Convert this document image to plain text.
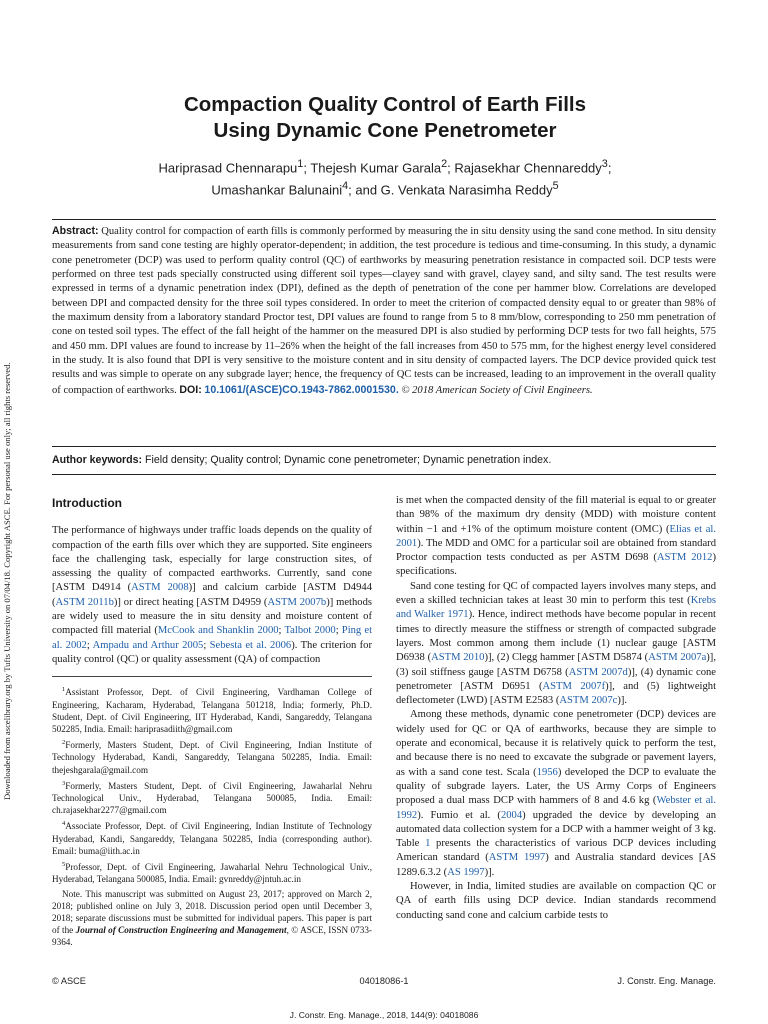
Downloaded from ascelibrary.org by Tufts University on 07/04/18. Copyright ASCE. For personal use only; all rights reserved.
Compaction Quality Control of Earth Fills
Using Dynamic Cone Penetrometer
Hariprasad Chennarapu$^1$; Thejesh Kumar Garala$^2$; Rajasekhar Chennareddy$^3$;
Umashankar Balunaini$^4$; and G. Venkata Narasimha Reddy$^5$

Abstract: Quality control for compaction of earth fills is commonly performed by measuring the in situ density using the sand cone method. In situ density measurements from sand cone testing are highly operator-dependent; in addition, the test procedure is tedious and time-consuming. In this study, a dynamic cone penetrometer (DCP) was used to perform quality control (QC) of earthworks by measuring penetration resistance in compacted soil. DCP tests were performed on three test pads specially constructed using different soil types—clayey sand with gravel, clayey sand, and silty sand. The test results were expressed in terms of a dynamic penetration index (DPI), defined as the depth of penetration of the cone per hammer blow. Correlations are developed between DPI and compacted density for the three soil types considered. In order to meet the criterion of compacted density equal to or greater than 98% of the maximum density from a laboratory standard Proctor test, DPI values are found to range from 5 to 8 mm/blow, corresponding to 250 mm penetration of cone on tested soil types. The effect of the fall height of the hammer on the measured DPI is also studied by performing DCP tests for two fall heights, 575 and 450 mm. DPI values are found to increase by 11–26% when the height of the fall increases from 450 to 575 mm, for the highest energy level considered in the study. It is also found that DPI is very sensitive to the moisture content and in situ density of compacted layers. The DCP device provided quick test results and was simple to operate on any subgrade layer; hence, the frequency of QC tests can be increased, leading to an improvement in the overall quality of compaction of earthworks. DOI: 10.1061/(ASCE)CO.1943-7862.0001530. © 2018 American Society of Civil Engineers.

Author keywords: Field density; Quality control; Dynamic cone penetrometer; Dynamic penetration index.

Introduction

The performance of highways under traffic loads depends on the quality of compaction of the earth fills over which they are supported. Site engineers face the challenging task, especially for large construction sites, of assessing the quality of compacted earthworks. Currently, sand cone [ASTM D4914 (ASTM 2008)] and calcium carbide [ASTM D4944 (ASTM 2011b)] or direct heating [ASTM D4959 (ASTM 2007b)] methods are widely used to measure the in situ density and moisture content of compacted fill material (McCook and Shanklin 2000; Talbot 2000; Ping et al. 2002; Ampadu and Arthur 2005; Sebesta et al. 2006). The criterion for quality control (QC) or quality assessment (QA) of compaction

$^1$Assistant Professor, Dept. of Civil Engineering, Vardhaman College of Engineering, Kacharam, Hyderabad, Telangana 501218, India; formerly, Ph.D. Student, Dept. of Civil Engineering, IIT Hyderabad, Kandi, Sangareddy, Telangana 502285, India. Email: hariprasadiith@gmail.com

$^2$Formerly, Masters Student, Dept. of Civil Engineering, Indian Institute of Technology Hyderabad, Kandi, Sangareddy, Telangana 502285, India. Email: thejeshgarala@gmail.com

$^3$Formerly, Masters Student, Dept. of Civil Engineering, Jawaharlal Nehru Technological Univ., Hyderabad, Telangana 500085, India. Email: ch.rajasekhar2277@gmail.com

$^4$Associate Professor, Dept. of Civil Engineering, Indian Institute of Technology Hyderabad, Kandi, Sangareddy, Telangana 502285, India (corresponding author). Email: buma@iith.ac.in

$^5$Professor, Dept. of Civil Engineering, Jawaharlal Nehru Technological Univ., Hyderabad, Telangana 500085, India. Email: gvnreddy@jntuh.ac.in

Note. This manuscript was submitted on August 23, 2017; approved on March 2, 2018; published online on July 3, 2018. Discussion period open until December 3, 2018; separate discussions must be submitted for individual papers. This paper is part of the Journal of Construction Engineering and Management, © ASCE, ISSN 0733-9364.

is met when the compacted density of the fill material is equal to or greater than 98% of the maximum dry density (MDD) with moisture content within −1 and +1% of the optimum moisture content (OMC) (Elias et al. 2001). The MDD and OMC for a particular soil are obtained from standard Proctor compaction tests conducted as per ASTM D698 (ASTM 2012) specifications.

Sand cone testing for QC of compacted layers involves many steps, and even a skilled technician takes at least 30 min to perform this test (Krebs and Walker 1971). Hence, indirect methods have become popular in recent times to directly measure the stiffness or strength of compacted subgrade layers. Most common among them include (1) nuclear gauge [ASTM D6938 (ASTM 2010)], (2) Clegg hammer [ASTM D5874 (ASTM 2007a)], (3) soil stiffness gauge [ASTM D6758 (ASTM 2007d)], (4) dynamic cone penetrometer [ASTM D6951 (ASTM 2007f)], and (5) lightweight deflectometer (LWD) [ASTM E2583 (ASTM 2007c)].

Among these methods, dynamic cone penetrometer (DCP) devices are widely used for QC or QA of earthworks, because they are simple to operate and economical, because it is relatively quick to perform the test, and because there is no need to excavate the subgrade or pavement layers, as with a sand cone test. Scala (1956) developed the DCP to evaluate the quality of subgrade layers. Later, the US Army Corps of Engineers proposed a dual mass DCP with hammers of 8 and 4.6 kg (Webster et al. 1992). Fumio et al. (2004) upgraded the device by developing an automated data collection system for a DCP with a hammer weight of 3 kg. Table 1 presents the characteristics of various DCP devices including American standard (ASTM 1997) and Australia standard devices [AS 1289.6.3.2 (AS 1997)].

However, in India, limited studies are available on compaction QC or QA of earth fills using DCP device. Indian standards recommend conducting sand cone and calcium carbide tests to

© ASCE	04018086-1	J. Constr. Eng. Manage.
J. Constr. Eng. Manage., 2018, 144(9): 04018086
